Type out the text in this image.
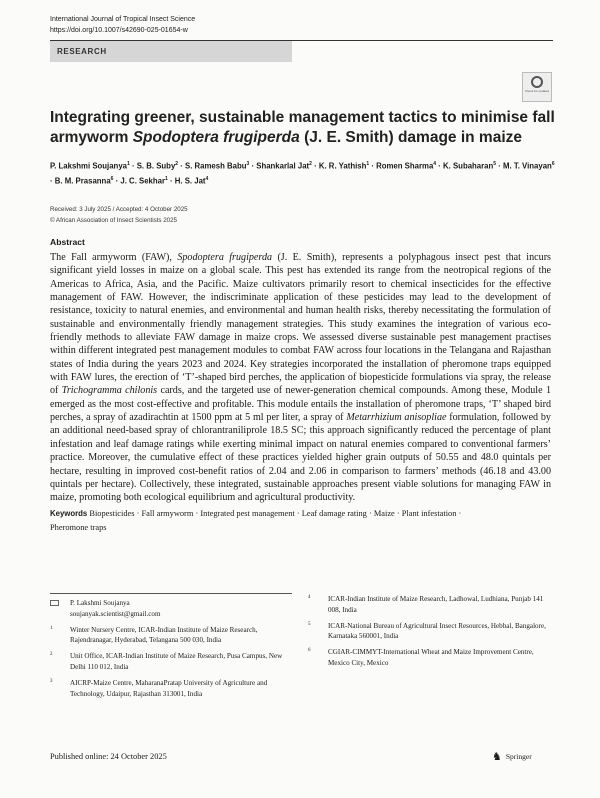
International Journal of Tropical Insect Science
https://doi.org/10.1007/s42690-025-01654-w
RESEARCH
Check for updates
Integrating greener, sustainable management tactics to minimise fall armyworm Spodoptera frugiperda (J. E. Smith) damage in maize
P. Lakshmi Soujanya$^1$ · S. B. Suby$^2$ · S. Ramesh Babu$^3$ · Shankarlal Jat$^2$ · K. R. Yathish$^1$ · Romen Sharma$^4$ · K. Subaharan$^5$ · M. T. Vinayan$^6$ · B. M. Prasanna$^6$ · J. C. Sekhar$^1$ · H. S. Jat$^4$
Received: 3 July 2025 / Accepted: 4 October 2025
© African Association of Insect Scientists 2025
Abstract
The Fall armyworm (FAW), Spodoptera frugiperda (J. E. Smith), represents a polyphagous insect pest that incurs significant yield losses in maize on a global scale. This pest has extended its range from the neotropical regions of the Americas to Africa, Asia, and the Pacific. Maize cultivators primarily resort to chemical insecticides for the effective management of FAW. However, the indiscriminate application of these pesticides may lead to the development of resistance, toxicity to natural enemies, and environmental and human health risks, thereby necessitating the formulation of sustainable and environmentally friendly management strategies. This study examines the integration of various eco-friendly methods to alleviate FAW damage in maize crops. We assessed diverse sustainable pest management practises within different integrated pest management modules to combat FAW across four locations in the Telangana and Rajasthan states of India during the years 2023 and 2024. Key strategies incorporated the installation of pheromone traps equipped with FAW lures, the erection of ‘T’-shaped bird perches, the application of biopesticide formulations via spray, the release of Trichogramma chilonis cards, and the targeted use of newer-generation chemical compounds. Among these, Module 1 emerged as the most cost-effective and profitable. This module entails the installation of pheromone traps, ‘T’ shaped bird perches, a spray of azadirachtin at 1500 ppm at 5 ml per liter, a spray of Metarrhizium anisopliae formulation, followed by an additional need-based spray of chlorantraniliprole 18.5 SC; this approach significantly reduced the percentage of plant infestation and leaf damage ratings while exerting minimal impact on natural enemies compared to conventional farmers’ practice. Moreover, the cumulative effect of these practices yielded higher grain outputs of 50.55 and 48.0 quintals per hectare, resulting in improved cost-benefit ratios of 2.04 and 2.06 in comparison to farmers’ methods (46.18 and 43.00 quintals per hectare). Collectively, these integrated, sustainable approaches present viable solutions for managing FAW in maize, promoting both ecological equilibrium and agricultural productivity.
Keywords Biopesticides · Fall armyworm · Integrated pest management · Leaf damage rating · Maize · Plant infestation · Pheromone traps
P. Lakshmi Soujanya
soujanyak.scientist@gmail.com
1	Winter Nursery Centre, ICAR-Indian Institute of Maize Research, Rajendranagar, Hyderabad, Telangana 500 030, India
2	Unit Office, ICAR-Indian Institute of Maize Research, Pusa Campus, New Delhi 110 012, India
3	AICRP-Maize Centre, MaharanaPratap University of Agriculture and Technology, Udaipur, Rajasthan 313001, India
4	ICAR-Indian Institute of Maize Research, Ladhowal, Ludhiana, Punjab 141 008, India
5	ICAR-National Bureau of Agricultural Insect Resources, Hebbal, Bangalore, Karnataka 560001, India
6	CGIAR-CIMMYT-International Wheat and Maize Improvement Centre, Mexico City, Mexico
Published online: 24 October 2025	♞ Springer
